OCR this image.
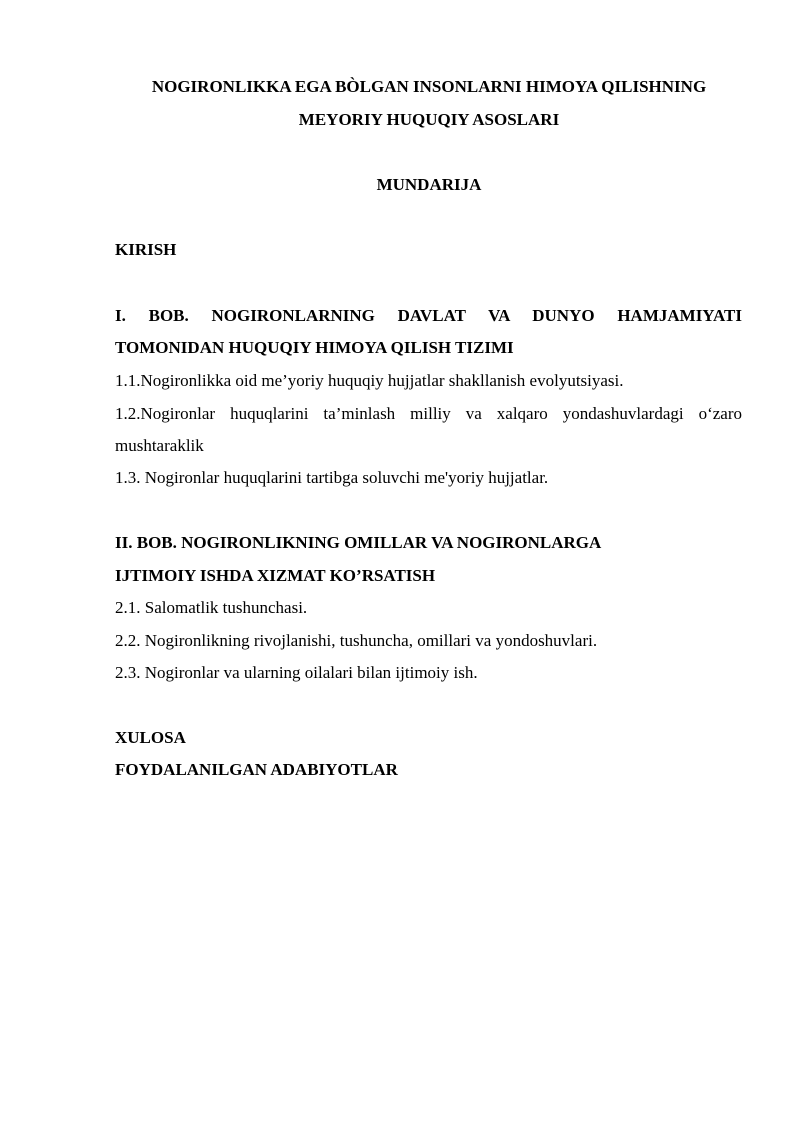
NOGIRONLIKKA EGA BÒLGAN INSONLARNI HIMOYA QILISHNING

MEYORIY HUQUQIY ASOSLARI

MUNDARIJA

KIRISH

I. BOB. NOGIRONLARNING DAVLAT VA DUNYO HAMJAMIYATI

TOMONIDAN HUQUQIY HIMOYA QILISH TIZIMI

1.1.Nogironlikka oid me’yoriy huquqiy hujjatlar shakllanish evolyutsiyasi.

1.2.Nogironlar huquqlarini ta’minlash milliy va xalqaro yondashuvlardagi o‘zaro

mushtaraklik

1.3. Nogironlar huquqlarini tartibga soluvchi me'yoriy hujjatlar.

II. BOB. NOGIRONLIKNING OMILLAR VA NOGIRONLARGA

IJTIMOIY ISHDA XIZMAT KO’RSATISH

2.1. Salomatlik tushunchasi.

2.2. Nogironlikning rivojlanishi, tushuncha, omillari va yondoshuvlari.

2.3. Nogironlar va ularning oilalari bilan ijtimoiy ish.

XULOSA

FOYDALANILGAN ADABIYOTLAR
